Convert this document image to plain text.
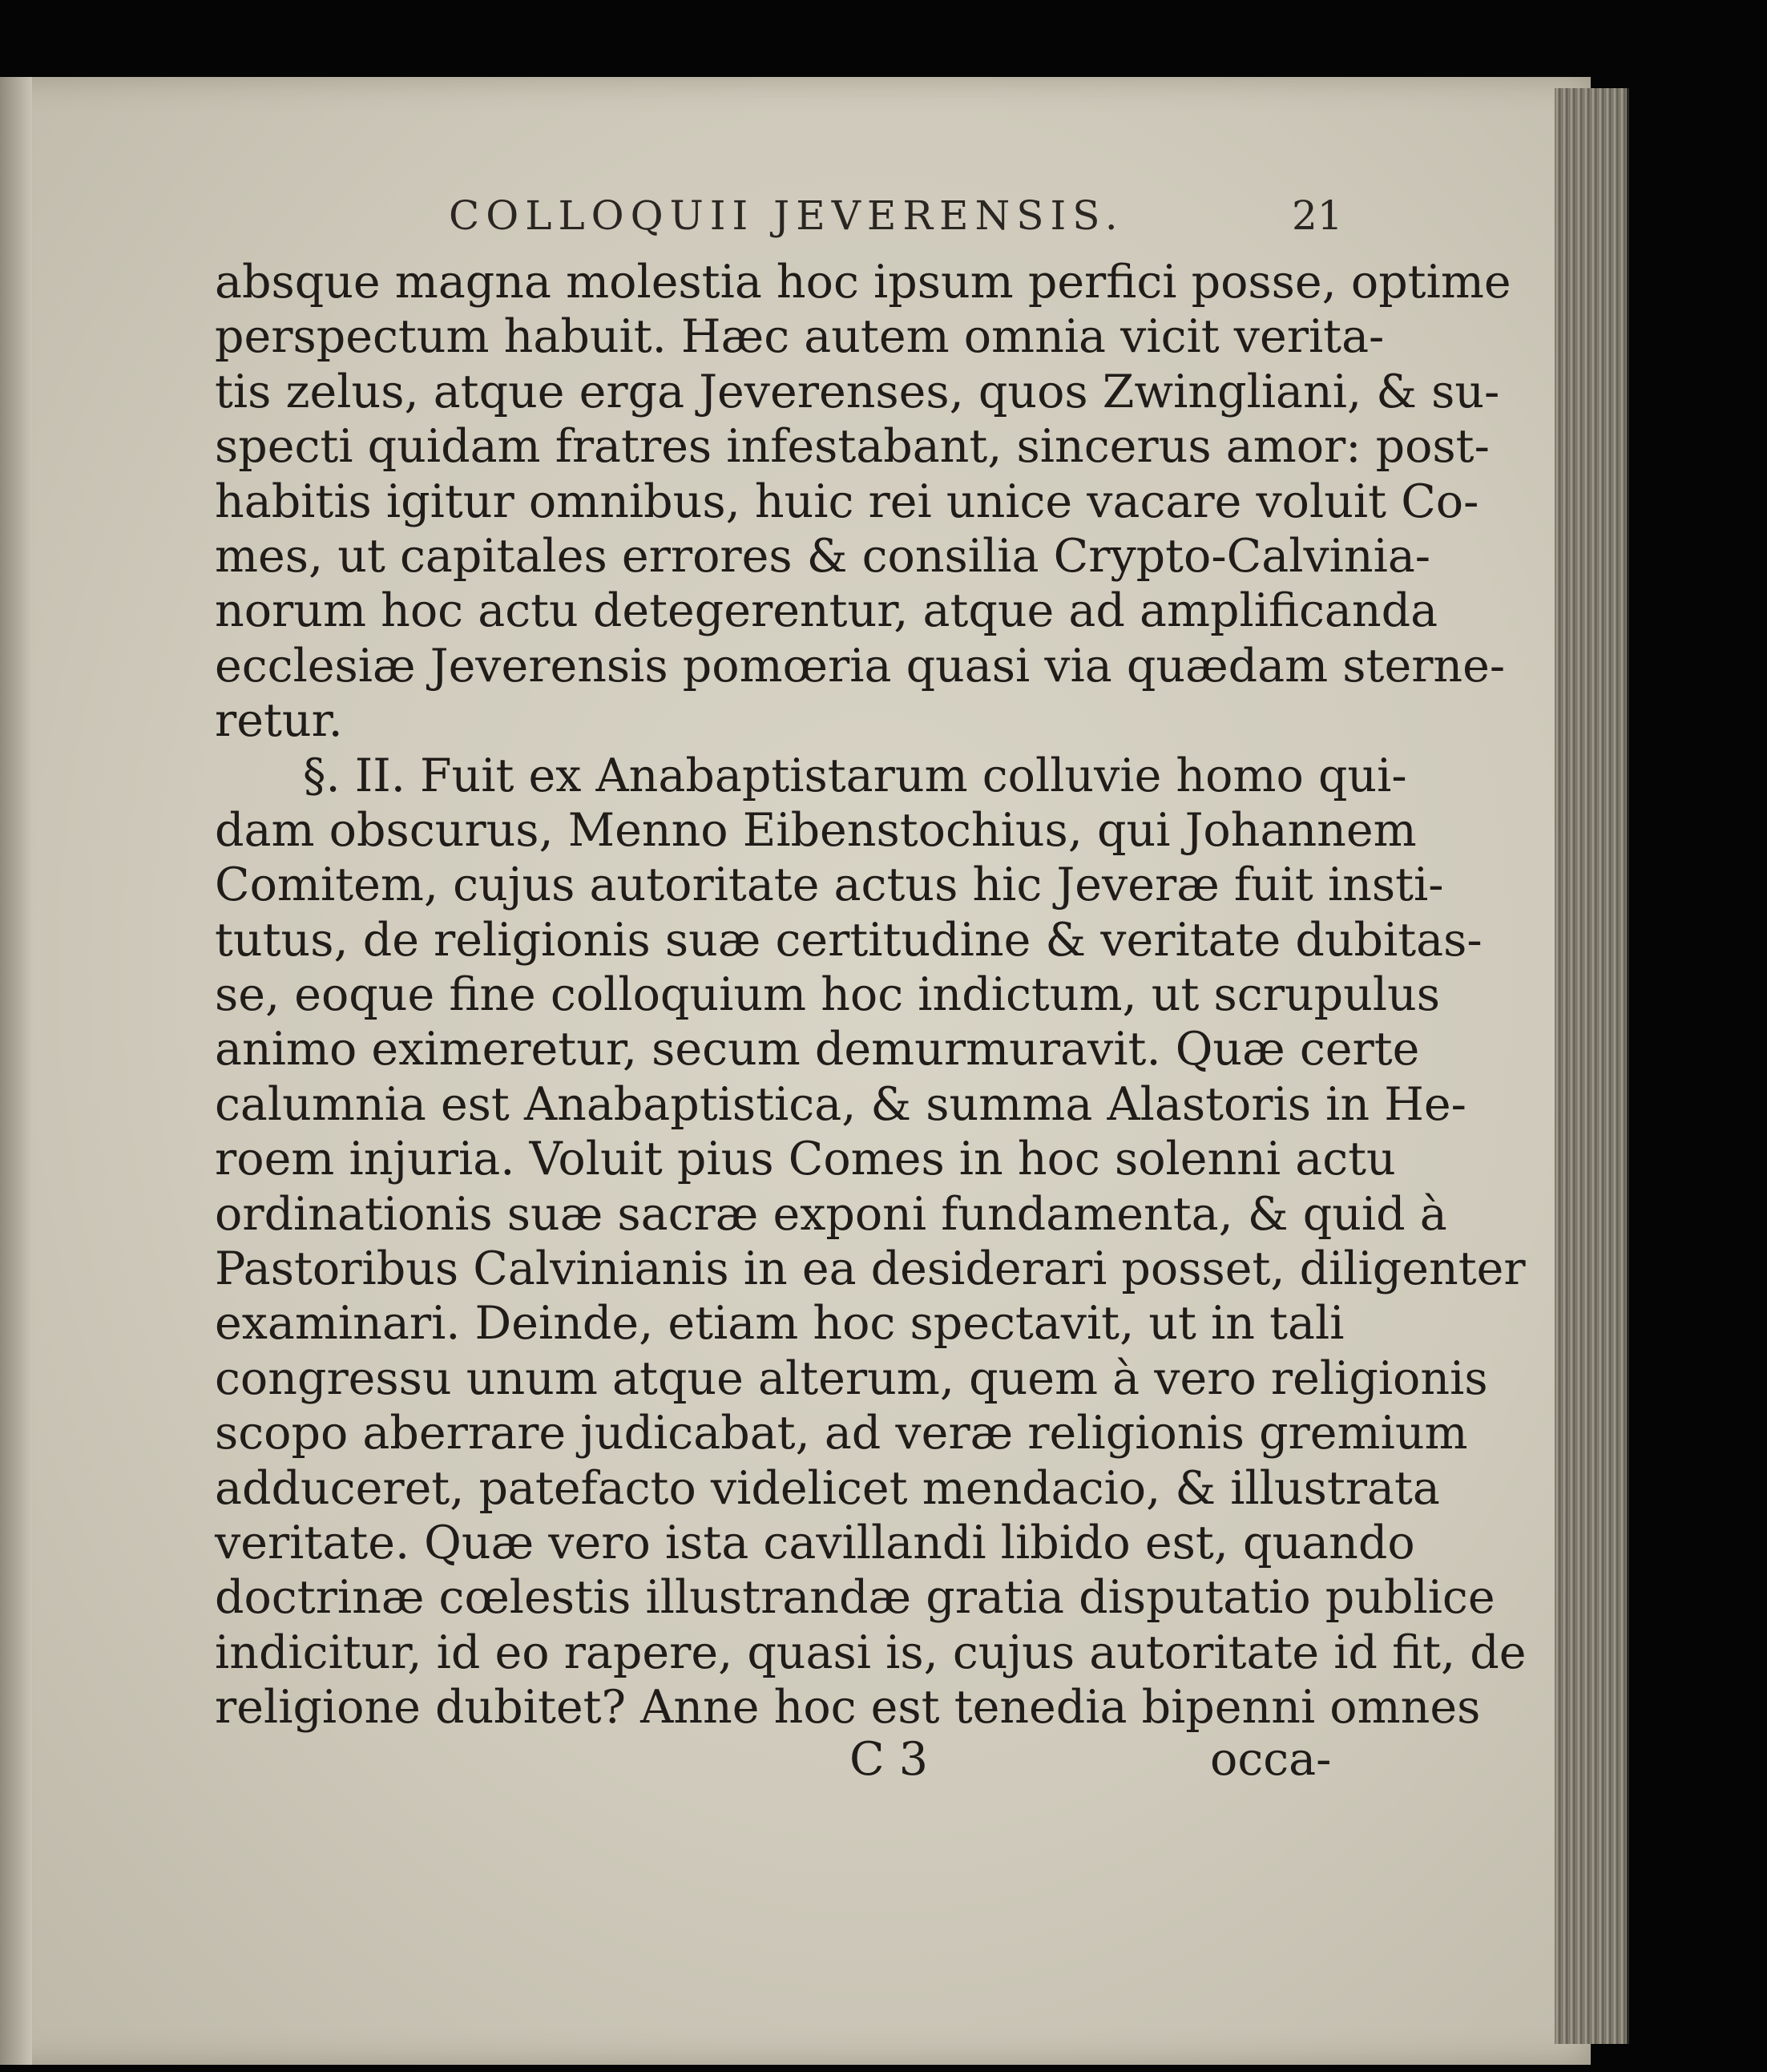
COLLOQUII JEVERENSIS.	21
absque magna molestia hoc ipsum perfici posse, optime
perspectum habuit. Hæc autem omnia vicit verita-
tis zelus, atque erga Jeverenses, quos Zwingliani, & su-
specti quidam fratres infestabant, sincerus amor: post-
habitis igitur omnibus, huic rei unice vacare voluit Co-
mes, ut capitales errores & consilia Crypto-Calvinia-
norum hoc actu detegerentur, atque ad amplificanda
ecclesiæ Jeverensis pomœria quasi via quædam sterne-
retur.
§. II. Fuit ex Anabaptistarum colluvie homo qui-
dam obscurus, Menno Eibenstochius, qui Johannem
Comitem, cujus autoritate actus hic Jeveræ fuit insti-
tutus, de religionis suæ certitudine & veritate dubitas-
se, eoque fine colloquium hoc indictum, ut scrupulus
animo eximeretur, secum demurmuravit. Quæ certe
calumnia est Anabaptistica, & summa Alastoris in He-
roem injuria. Voluit pius Comes in hoc solenni actu
ordinationis suæ sacræ exponi fundamenta, & quid à
Pastoribus Calvinianis in ea desiderari posset, diligenter
examinari. Deinde, etiam hoc spectavit, ut in tali
congressu unum atque alterum, quem à vero religionis
scopo aberrare judicabat, ad veræ religionis gremium
adduceret, patefacto videlicet mendacio, & illustrata
veritate. Quæ vero ista cavillandi libido est, quando
doctrinæ cœlestis illustrandæ gratia disputatio publice
indicitur, id eo rapere, quasi is, cujus autoritate id fit, de
religione dubitet? Anne hoc est tenedia bipenni omnes
C 3	occa-
